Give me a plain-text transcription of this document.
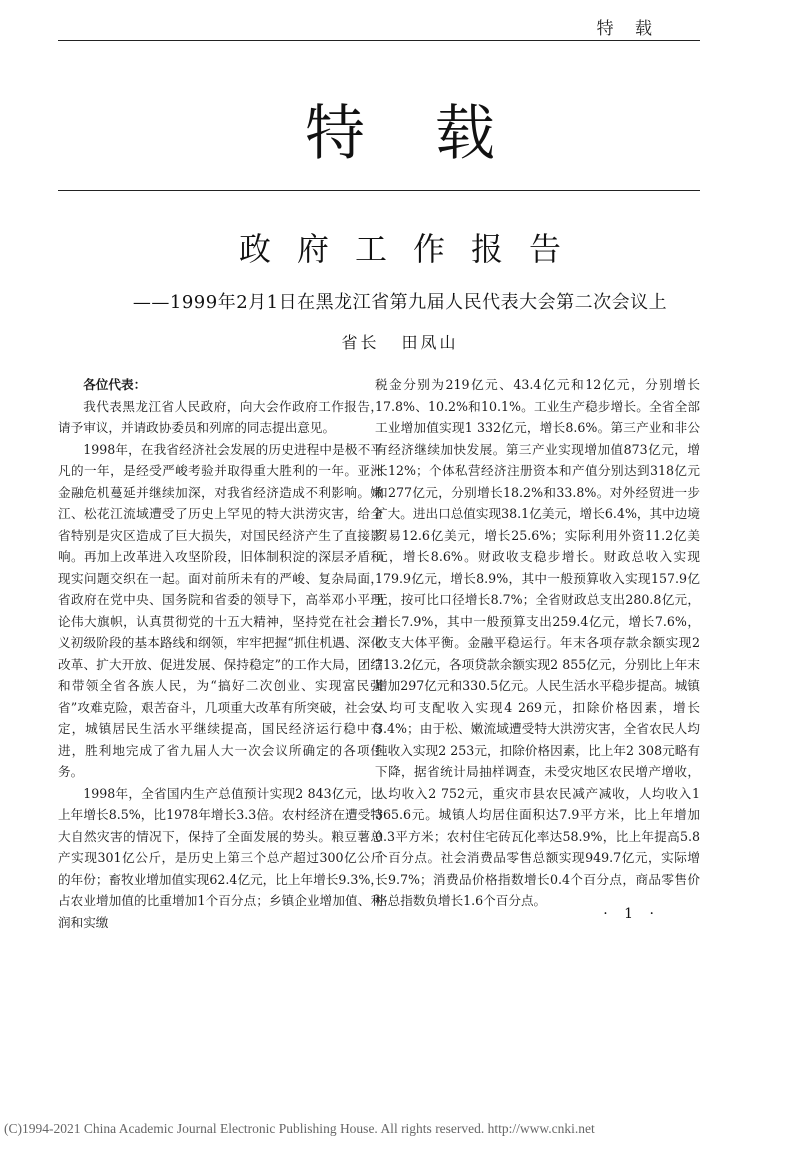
特 载
特载
政府工作报告
——1999年2月1日在黑龙江省第九届人民代表大会第二次会议上
省长 田凤山

各位代表：

我代表黑龙江省人民政府，向大会作政府工作报告，请予审议，并请政协委员和列席的同志提出意见。

1998年，在我省经济社会发展的历史进程中是极不平凡的一年，是经受严峻考验并取得重大胜利的一年。亚洲金融危机蔓延并继续加深，对我省经济造成不利影响。嫩江、松花江流域遭受了历史上罕见的特大洪涝灾害，给全省特别是灾区造成了巨大损失，对国民经济产生了直接影响。再加上改革进入攻坚阶段，旧体制积淀的深层矛盾和现实问题交织在一起。面对前所未有的严峻、复杂局面，省政府在党中央、国务院和省委的领导下，高举邓小平理论伟大旗帜，认真贯彻党的十五大精神，坚持党在社会主义初级阶段的基本路线和纲领，牢牢把握“抓住机遇、深化改革、扩大开放、促进发展、保持稳定”的工作大局，团结和带领全省各族人民，为“搞好二次创业、实现富民强省”攻难克险，艰苦奋斗，几项重大改革有所突破，社会安定，城镇居民生活水平继续提高，国民经济运行稳中有进，胜利地完成了省九届人大一次会议所确定的各项任务。

1998年，全省国内生产总值预计实现2 843亿元，比上年增长8.5%，比1978年增长3.3倍。农村经济在遭受特大自然灾害的情况下，保持了全面发展的势头。粮豆薯总产实现301亿公斤，是历史上第三个总产超过300亿公斤的年份；畜牧业增加值实现62.4亿元，比上年增长9.3%，占农业增加值的比重增加1个百分点；乡镇企业增加值、利润和实缴

税金分别为219亿元、43.4亿元和12亿元，分别增长17.8%、10.2%和10.1%。工业生产稳步增长。全省全部工业增加值实现1 332亿元，增长8.6%。第三产业和非公有经济继续加快发展。第三产业实现增加值873亿元，增长12%；个体私营经济注册资本和产值分别达到318亿元和277亿元，分别增长18.2%和33.8%。对外经贸进一步扩大。进出口总值实现38.1亿美元，增长6.4%，其中边境贸易12.6亿美元，增长25.6%；实际利用外资11.2亿美元，增长8.6%。财政收支稳步增长。财政总收入实现179.9亿元，增长8.9%，其中一般预算收入实现157.9亿元，按可比口径增长8.7%；全省财政总支出280.8亿元，增长7.9%，其中一般预算支出259.4亿元，增长7.6%，收支大体平衡。金融平稳运行。年末各项存款余额实现2 713.2亿元，各项贷款余额实现2 855亿元，分别比上年末增加297亿元和330.5亿元。人民生活水平稳步提高。城镇人均可支配收入实现4 269元，扣除价格因素，增长3.4%；由于松、嫩流域遭受特大洪涝灾害，全省农民人均纯收入实现2 253元，扣除价格因素，比上年2 308元略有下降，据省统计局抽样调查，未受灾地区农民增产增收，人均收入2 752元，重灾市县农民减产减收，人均收入1 365.6元。城镇人均居住面积达7.9平方米，比上年增加0.3平方米；农村住宅砖瓦化率达58.9%，比上年提高5.8个百分点。社会消费品零售总额实现949.7亿元，实际增长9.7%；消费品价格指数增长0.4个百分点，商品零售价格总指数负增长1.6个百分点。

· 1 ·
(C)1994-2021 China Academic Journal Electronic Publishing House. All rights reserved. http://www.cnki.net
